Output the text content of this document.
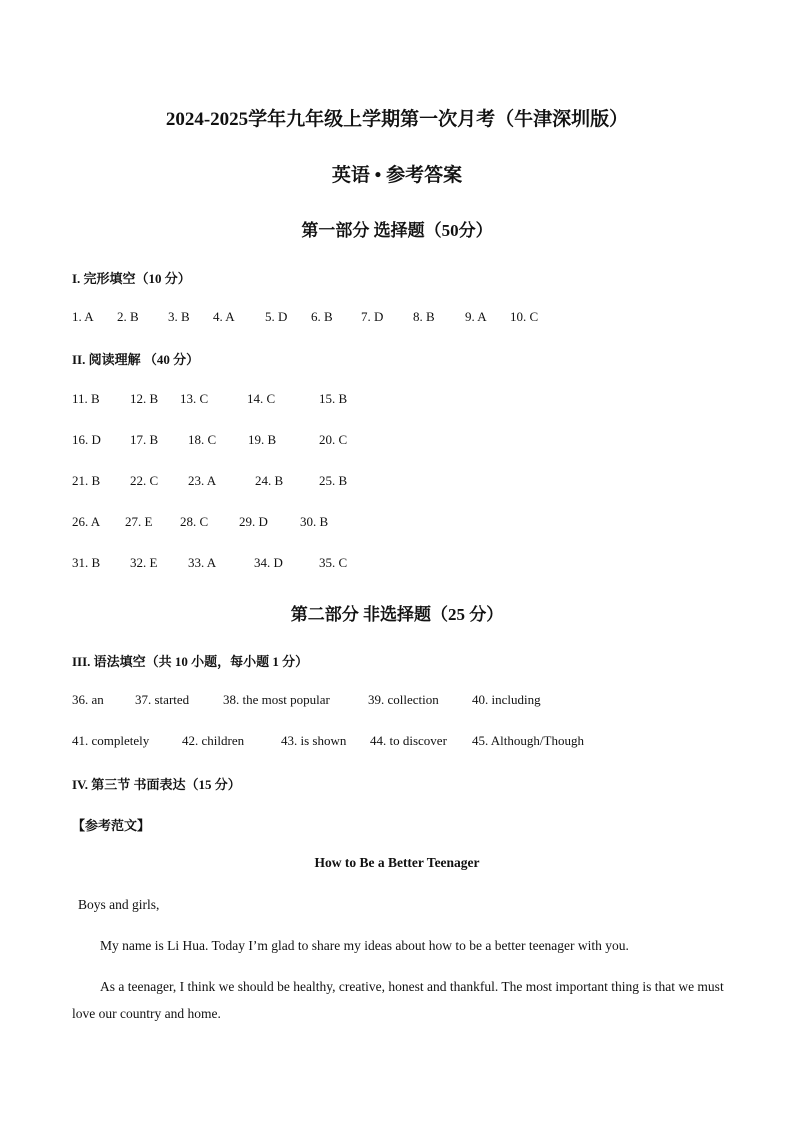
2024-2025学年九年级上学期第一次月考（牛津深圳版）
英语 • 参考答案
第一部分 选择题（50分）
I. 完形填空（10 分）
1. A 2. B 3. B 4. A 5. D 6. B 7. D 8. B 9. A 10. C
II. 阅读理解 （40 分）
11. B 12. B 13. C	14. C	15. B
16. D 17. B 18. C 19. B	20. C
21. B 22. C 23. A	24. B	25. B
26. A 27. E 28. C 29. D 30. B
31. B 32. E 33. A	34. D	35. C
第二部分 非选择题（25 分）
III. 语法填空（共 10 小题，每小题 1 分）
36. an 37. started	38. the most popular	39. collection	40. including
41. completely	42. children	43. is shown 44. to discover 45. Although/Though
IV. 第三节 书面表达（15 分）
【参考范文】
How to Be a Better Teenager
Boys and girls,
My name is Li Hua. Today I’m glad to share my ideas about how to be a better teenager with you.
As a teenager, I think we should be healthy, creative, honest and thankful. The most important thing is that we must love our country and home.
